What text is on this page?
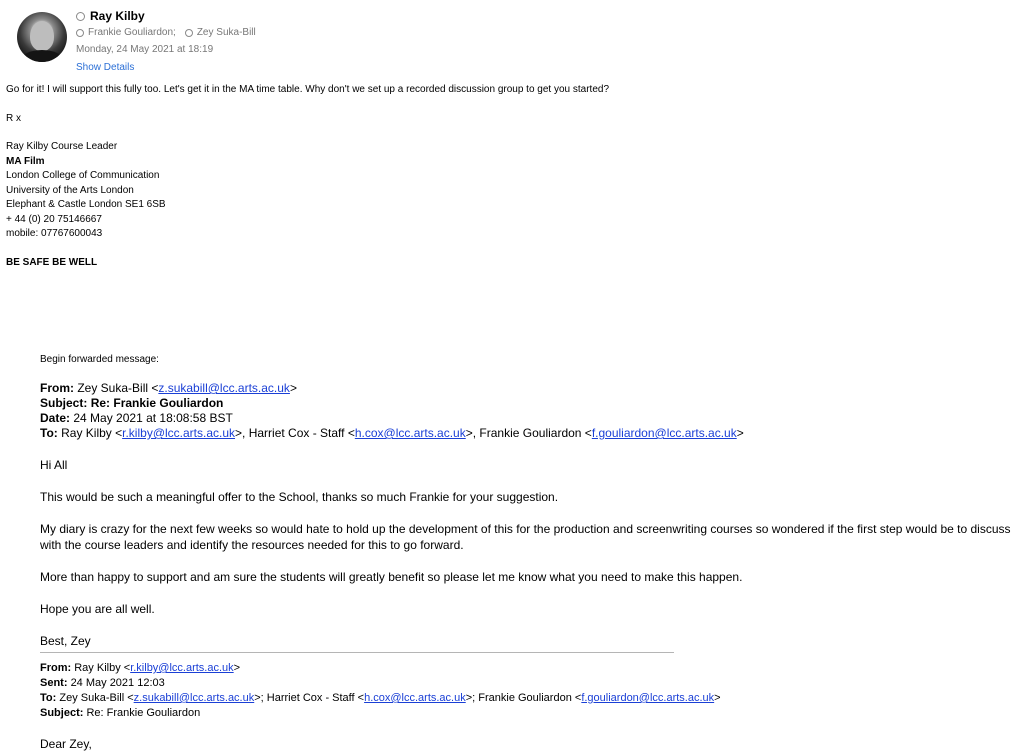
Ray Kilby
Frankie Gouliardon; Zey Suka-Bill
Monday, 24 May 2021 at 18:19
Show Details
Go for it! I will support this fully too. Let's get it in the MA time table. Why don't we set up a recorded discussion group to get you started?
R x
Ray Kilby Course Leader
MA Film
London College of Communication
University of the Arts London
Elephant & Castle London SE1 6SB
+ 44 (0) 20 75146667
mobile: 07767600043
BE SAFE BE WELL
Begin forwarded message:
From: Zey Suka-Bill <z.sukabill@lcc.arts.ac.uk>
Subject: Re: Frankie Gouliardon
Date: 24 May 2021 at 18:08:58 BST
To: Ray Kilby <r.kilby@lcc.arts.ac.uk>, Harriet Cox - Staff <h.cox@lcc.arts.ac.uk>, Frankie Gouliardon <f.gouliardon@lcc.arts.ac.uk>

Hi All

This would be such a meaningful offer to the School, thanks so much Frankie for your suggestion.

My diary is crazy for the next few weeks so would hate to hold up the development of this for the production and screenwriting courses so wondered if the first step would be to discuss with the course leaders and identify the resources needed for this to go forward.

More than happy to support and am sure the students will greatly benefit so please let me know what you need to make this happen.

Hope you are all well.

Best, Zey

From: Ray Kilby <r.kilby@lcc.arts.ac.uk>
Sent: 24 May 2021 12:03
To: Zey Suka-Bill <z.sukabill@lcc.arts.ac.uk>; Harriet Cox - Staff <h.cox@lcc.arts.ac.uk>; Frankie Gouliardon <f.gouliardon@lcc.arts.ac.uk>
Subject: Re: Frankie Gouliardon
Dear Zey,
